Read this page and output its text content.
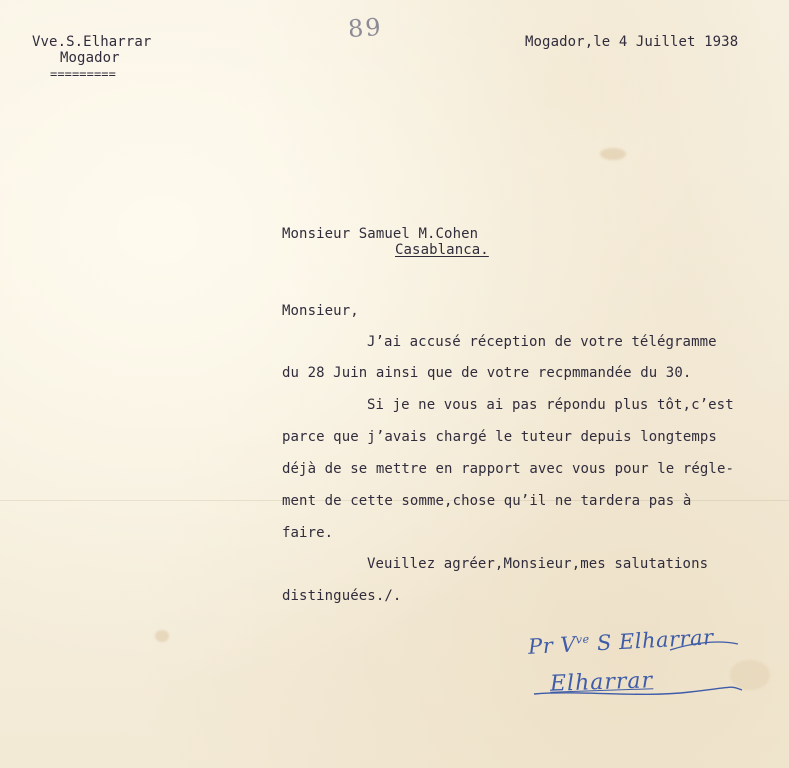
89
Vve.S.Elharrar
Mogador
=========
Mogador,le 4 Juillet 1938
Monsieur Samuel M.Cohen
Casablanca.
Monsieur,
J’ai accusé réception de votre télégramme
du 28 Juin ainsi que de votre recpmmandée du 30.
Si je ne vous ai pas répondu plus tôt,c’est
parce que j’avais chargé le tuteur depuis longtemps
déjà de se mettre en rapport avec vous pour le régle-
ment de cette somme,chose qu’il ne tardera pas à
faire.
Veuillez agréer,Monsieur,mes salutations
distinguées./.
Pr $V^{ve}$ S Elharrar
Elharrar
